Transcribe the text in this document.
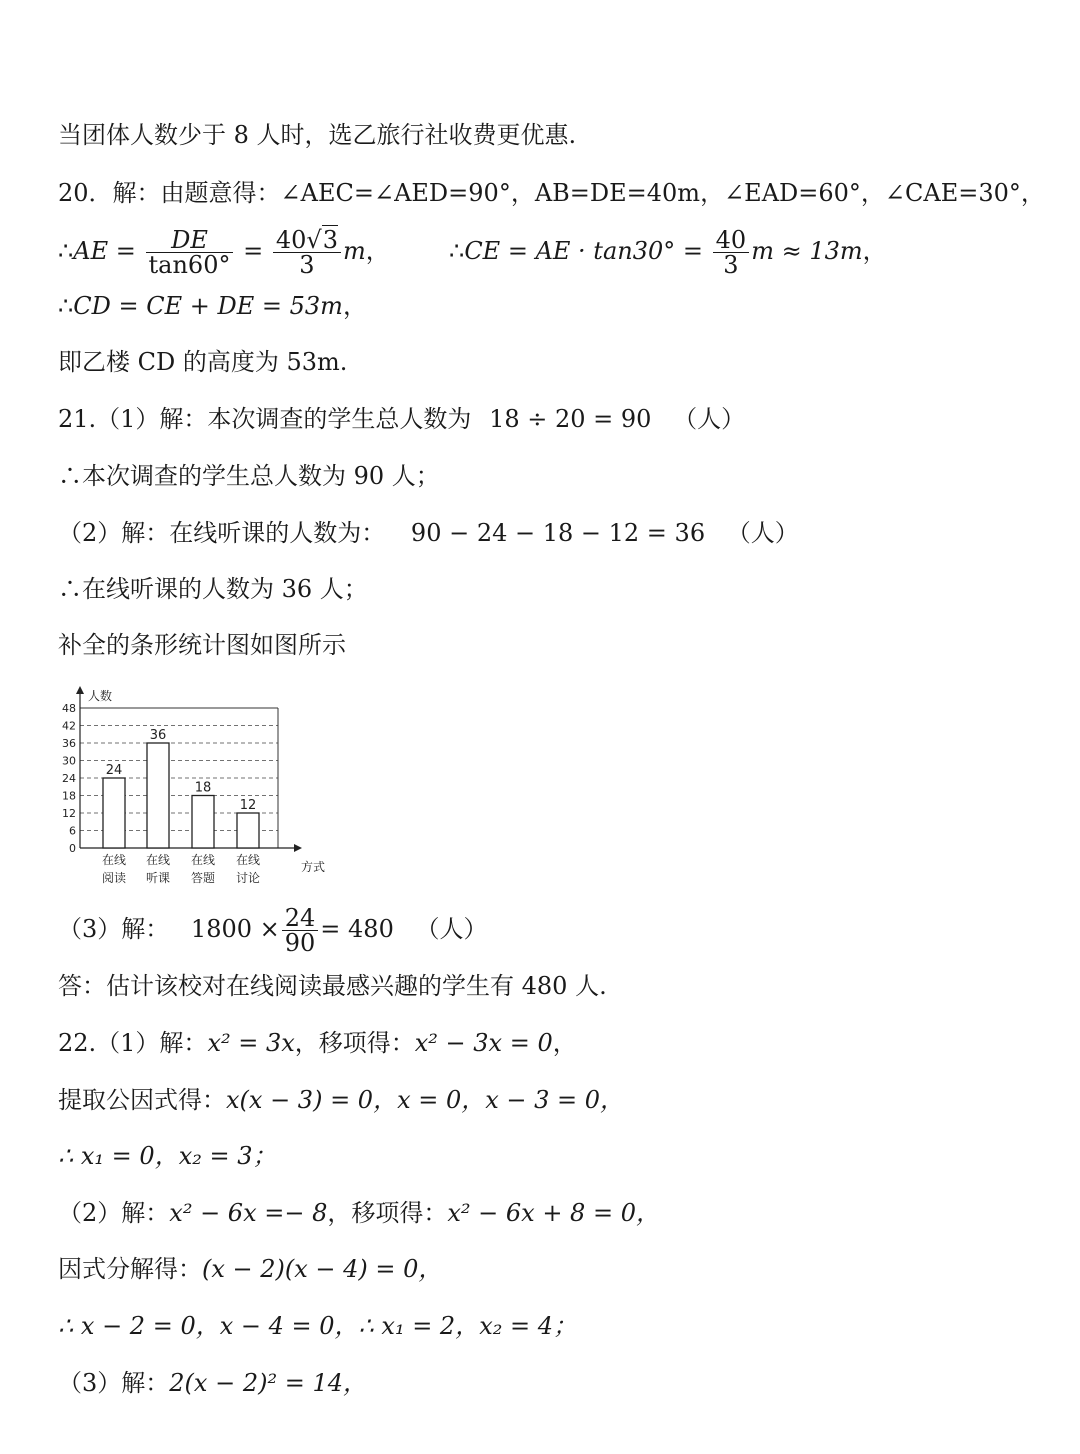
当团体人数少于 8 人时，选乙旅行社收费更优惠.
20．解：由题意得：∠AEC=∠AED=90°，AB=DE=40m，∠EAD=60°，∠CAE=30°，
∴AE = $\frac{DE}{\tan 60^\circ} = \frac{40√3}{3}$ m， ∴CE = AE · $\tan 30^\circ = \frac{40}{3}$ m ≈ 13m，
∴CD = CE + DE = 53m，
即乙楼 CD 的高度为 53m.
21.（1）解：本次调查的学生总人数为 18 ÷ 20 = 90 （人）
∴本次调查的学生总人数为 90 人；
（2）解：在线听课的人数为： 90 − 24 − 18 − 12 = 36 （人）
∴在线听课的人数为 36 人；
补全的条形统计图如图所示
0
6
12
18
24
30
36
42
48
24
在线
阅读
36
在线
听课
18
在线
答题
12
在线
讨论
人数
方式
（3）解： $1800 \times \frac{24}{90} = 480$ （人）
答：估计该校对在线阅读最感兴趣的学生有 480 人.
22.（1）解：x² = 3x，移项得：x² − 3x = 0，
提取公因式得：x(x − 3) = 0，x = 0，x − 3 = 0，
∴ x₁ = 0，x₂ = 3；
（2）解：x² − 6x =− 8，移项得：x² − 6x + 8 = 0，
因式分解得：(x − 2)(x − 4) = 0，
∴ x − 2 = 0，x − 4 = 0，∴ x₁ = 2，x₂ = 4；
（3）解：2(x − 2)² = 14，
